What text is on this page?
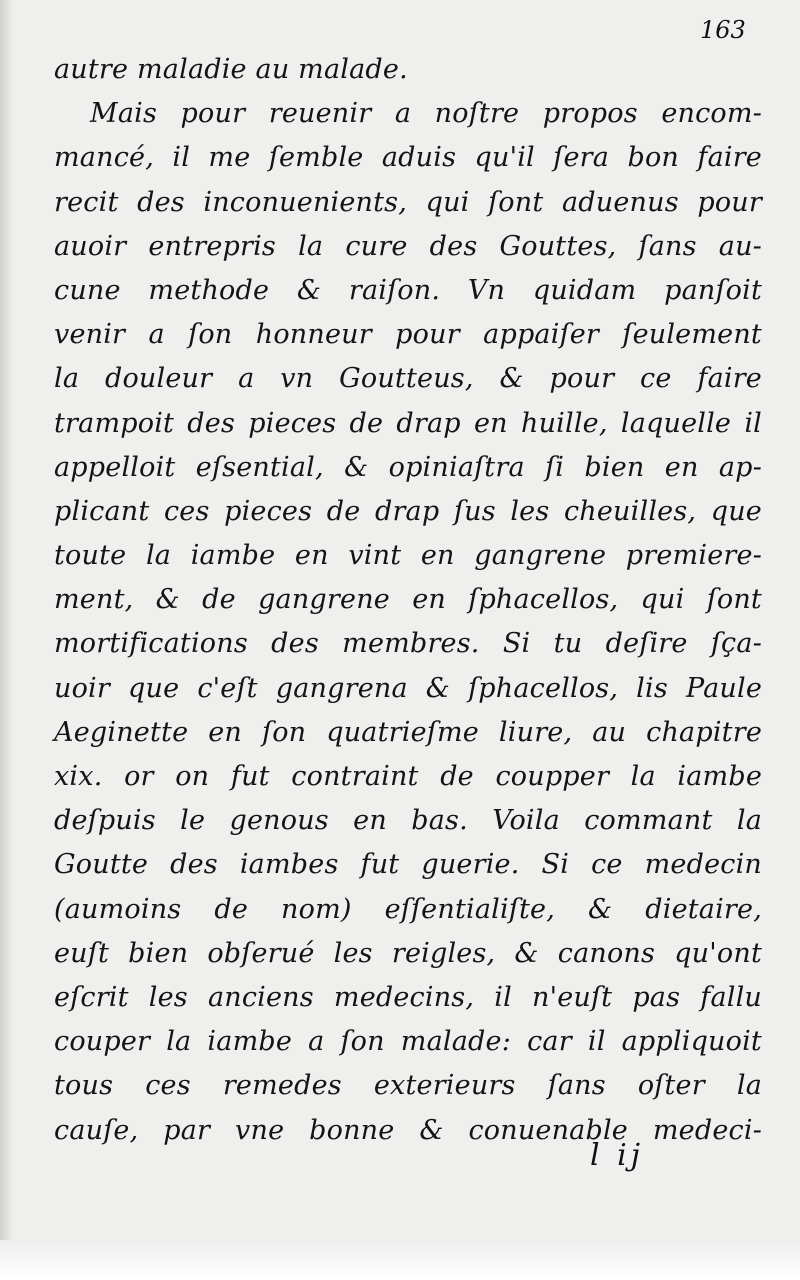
163
autre maladie au malade.
Mais pour reuenir a noſtre propos encom-
mancé, il me ſemble aduis qu'il ſera bon faire
recit des inconuenients, qui ſont aduenus pour
auoir entrepris la cure des Gouttes, ſans au-
cune methode & raiſon. Vn quidam panſoit
venir a ſon honneur pour appaiſer ſeulement
la douleur a vn Goutteus, & pour ce faire
trampoit des pieces de drap en huille, laquelle il
appelloit eſsential, & opiniaſtra ſi bien en ap-
plicant ces pieces de drap ſus les cheuilles, que
toute la iambe en vint en gangrene premiere-
ment, & de gangrene en ſphacellos, qui ſont
mortifications des membres. Si tu deſire ſça-
uoir que c'eſt gangrena & ſphacellos, lis Paule
Aeginette en ſon quatrieſme liure, au chapitre
xix. or on fut contraint de coupper la iambe
deſpuis le genous en bas. Voila commant la
Goutte des iambes fut guerie. Si ce medecin
(aumoins de nom) eſſentialiſte, & dietaire,
euſt bien obſerué les reigles, & canons qu'ont
eſcrit les anciens medecins, il n'euſt pas fallu
couper la iambe a ſon malade: car il appliquoit
tous ces remedes exterieurs ſans oſter la
cauſe, par vne bonne & conuenable medeci-
l ij
